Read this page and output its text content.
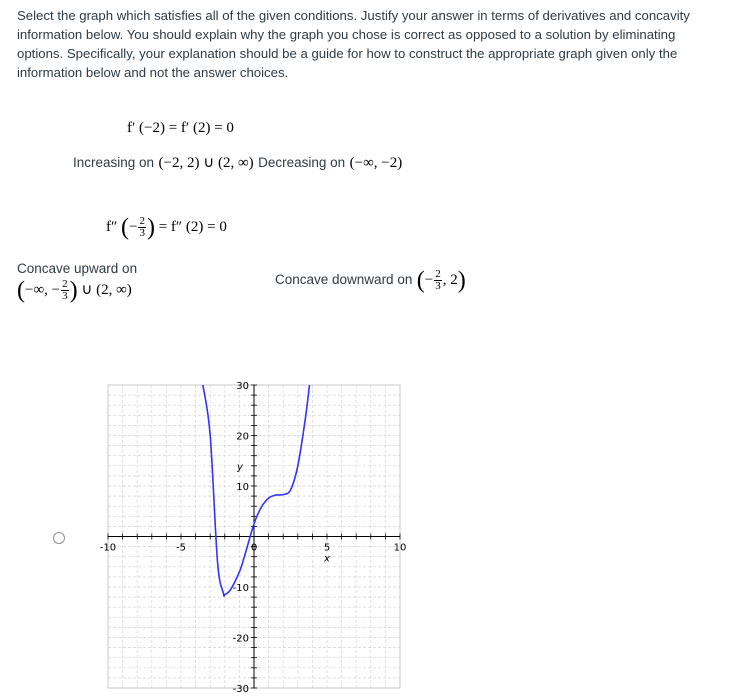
Select the graph which satisfies all of the given conditions. Justify your answer in terms of derivatives and concavity information below. You should explain why the graph you chose is correct as opposed to a solution by eliminating options. Specifically, your explanation should be a guide for how to construct the appropriate graph given only the information below and not the answer choices.

f′ (−2) = f′ (2) = 0
Increasing on (−2, 2) ∪ (2, ∞) Decreasing on (−∞, −2)
f″ (− $\frac{2}{3}$ ) = f″ (2) = 0
Concave upward on
(−∞, − $\frac{2}{3}$ ) ∪ (2, ∞)
Concave downward on (− $\frac{2}{3}$ , 2)
-10	-5	0	5	10
30
20
10
-10
-20
-30
x
y
